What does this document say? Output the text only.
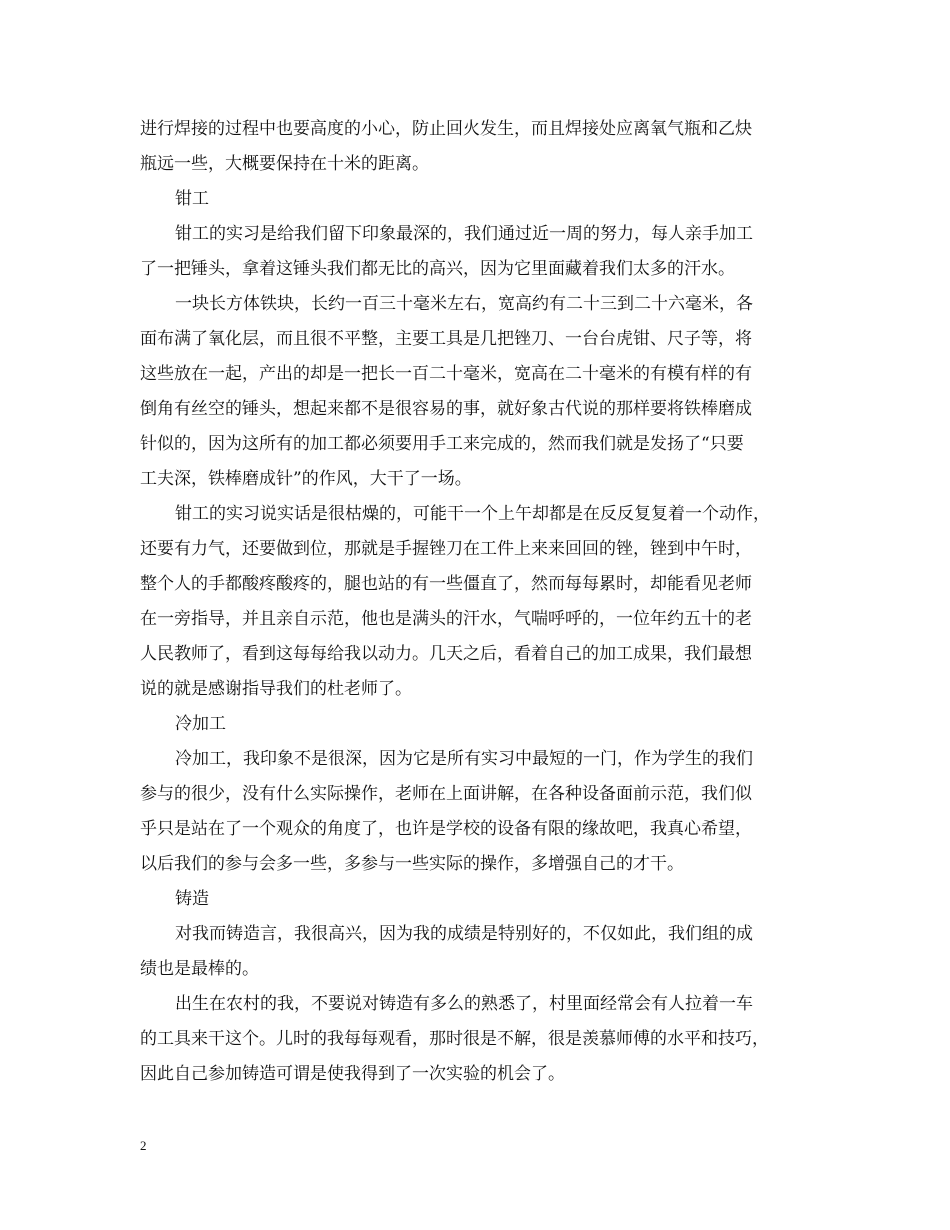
进行焊接的过程中也要高度的小心，防止回火发生，而且焊接处应离氧气瓶和乙炔
瓶远一些，大概要保持在十米的距离。
钳工
钳工的实习是给我们留下印象最深的，我们通过近一周的努力，每人亲手加工
了一把锤头，拿着这锤头我们都无比的高兴，因为它里面藏着我们太多的汗水。
一块长方体铁块，长约一百三十毫米左右，宽高约有二十三到二十六毫米，各
面布满了氧化层，而且很不平整，主要工具是几把锉刀、一台台虎钳、尺子等，将
这些放在一起，产出的却是一把长一百二十毫米，宽高在二十毫米的有模有样的有
倒角有丝空的锤头，想起来都不是很容易的事，就好象古代说的那样要将铁棒磨成
针似的，因为这所有的加工都必须要用手工来完成的，然而我们就是发扬了“只要
工夫深，铁棒磨成针”的作风，大干了一场。
钳工的实习说实话是很枯燥的，可能干一个上午却都是在反反复复着一个动作，
还要有力气，还要做到位，那就是手握锉刀在工件上来来回回的锉，锉到中午时，
整个人的手都酸疼酸疼的，腿也站的有一些僵直了，然而每每累时，却能看见老师
在一旁指导，并且亲自示范，他也是满头的汗水，气喘呼呼的，一位年约五十的老
人民教师了，看到这每每给我以动力。几天之后，看着自己的加工成果，我们最想
说的就是感谢指导我们的杜老师了。
冷加工
冷加工，我印象不是很深，因为它是所有实习中最短的一门，作为学生的我们
参与的很少，没有什么实际操作，老师在上面讲解，在各种设备面前示范，我们似
乎只是站在了一个观众的角度了，也许是学校的设备有限的缘故吧，我真心希望，
以后我们的参与会多一些，多参与一些实际的操作，多增强自己的才干。
铸造
对我而铸造言，我很高兴，因为我的成绩是特别好的，不仅如此，我们组的成
绩也是最棒的。
出生在农村的我，不要说对铸造有多么的熟悉了，村里面经常会有人拉着一车
的工具来干这个。儿时的我每每观看，那时很是不解，很是羡慕师傅的水平和技巧，
因此自己参加铸造可谓是使我得到了一次实验的机会了。
2
